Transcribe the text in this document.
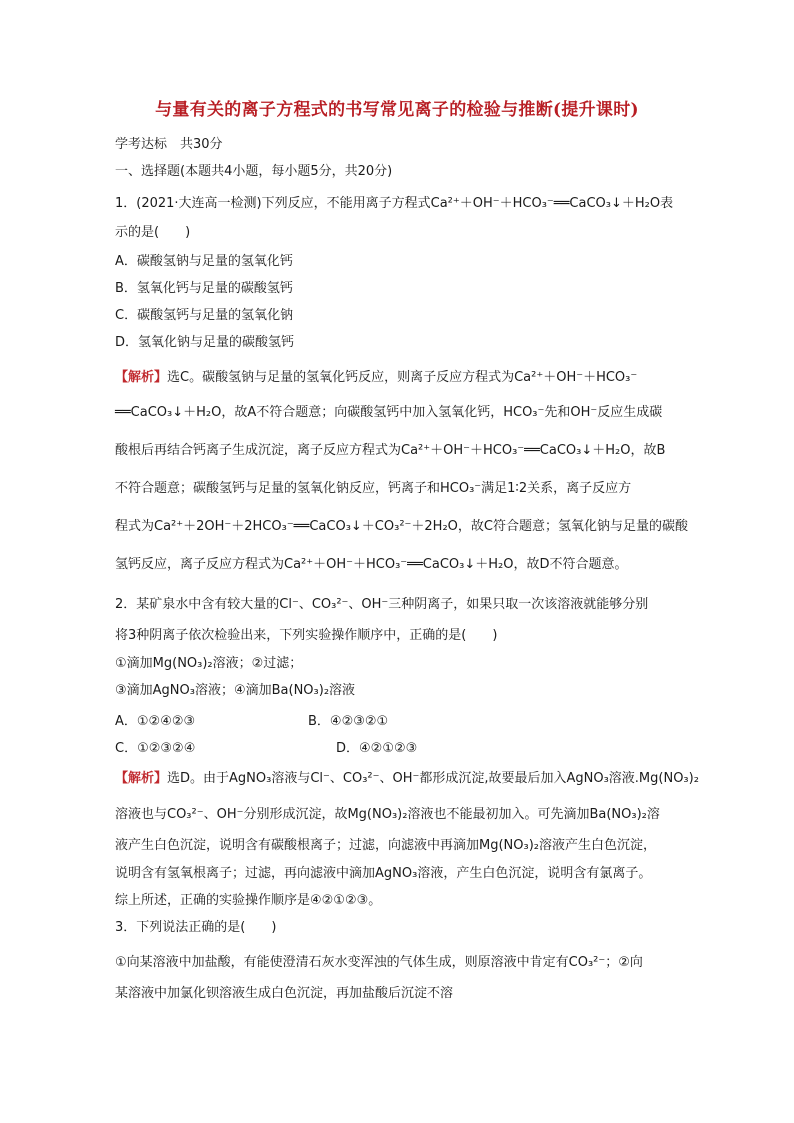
与量有关的离子方程式的书写常见离子的检验与推断(提升课时)
学考达标　共30分
一、选择题(本题共4小题，每小题5分，共20分)
1．(2021·大连高一检测)下列反应，不能用离子方程式Ca²⁺＋OH⁻＋HCO₃⁻══CaCO₃↓＋H₂O表
示的是(　　)
A．碳酸氢钠与足量的氢氧化钙
B．氢氧化钙与足量的碳酸氢钙
C．碳酸氢钙与足量的氢氧化钠
D．氢氧化钠与足量的碳酸氢钙
【解析】选C。碳酸氢钠与足量的氢氧化钙反应，则离子反应方程式为Ca²⁺＋OH⁻＋HCO₃⁻
══CaCO₃↓＋H₂O，故A不符合题意；向碳酸氢钙中加入氢氧化钙，HCO₃⁻先和OH⁻反应生成碳
酸根后再结合钙离子生成沉淀，离子反应方程式为Ca²⁺＋OH⁻＋HCO₃⁻══CaCO₃↓＋H₂O，故B
不符合题意；碳酸氢钙与足量的氢氧化钠反应，钙离子和HCO₃⁻满足1∶2关系，离子反应方
程式为Ca²⁺＋2OH⁻＋2HCO₃⁻══CaCO₃↓＋CO₃²⁻＋2H₂O，故C符合题意；氢氧化钠与足量的碳酸
氢钙反应，离子反应方程式为Ca²⁺＋OH⁻＋HCO₃⁻══CaCO₃↓＋H₂O，故D不符合题意。
2．某矿泉水中含有较大量的Cl⁻、CO₃²⁻、OH⁻三种阴离子，如果只取一次该溶液就能够分别
将3种阴离子依次检验出来，下列实验操作顺序中，正确的是(　　)
①滴加Mg(NO₃)₂溶液；②过滤；
③滴加AgNO₃溶液；④滴加Ba(NO₃)₂溶液
A．①②④②③	B．④②③②①
C．①②③②④	D．④②①②③
【解析】选D。由于AgNO₃溶液与Cl⁻、CO₃²⁻、OH⁻都形成沉淀,故要最后加入AgNO₃溶液.Mg(NO₃)₂
溶液也与CO₃²⁻、OH⁻分别形成沉淀，故Mg(NO₃)₂溶液也不能最初加入。可先滴加Ba(NO₃)₂溶
液产生白色沉淀，说明含有碳酸根离子；过滤，向滤液中再滴加Mg(NO₃)₂溶液产生白色沉淀，
说明含有氢氧根离子；过滤，再向滤液中滴加AgNO₃溶液，产生白色沉淀，说明含有氯离子。
综上所述，正确的实验操作顺序是④②①②③。
3．下列说法正确的是(　　)
①向某溶液中加盐酸，有能使澄清石灰水变浑浊的气体生成，则原溶液中肯定有CO₃²⁻；②向
某溶液中加氯化钡溶液生成白色沉淀，再加盐酸后沉淀不溶
